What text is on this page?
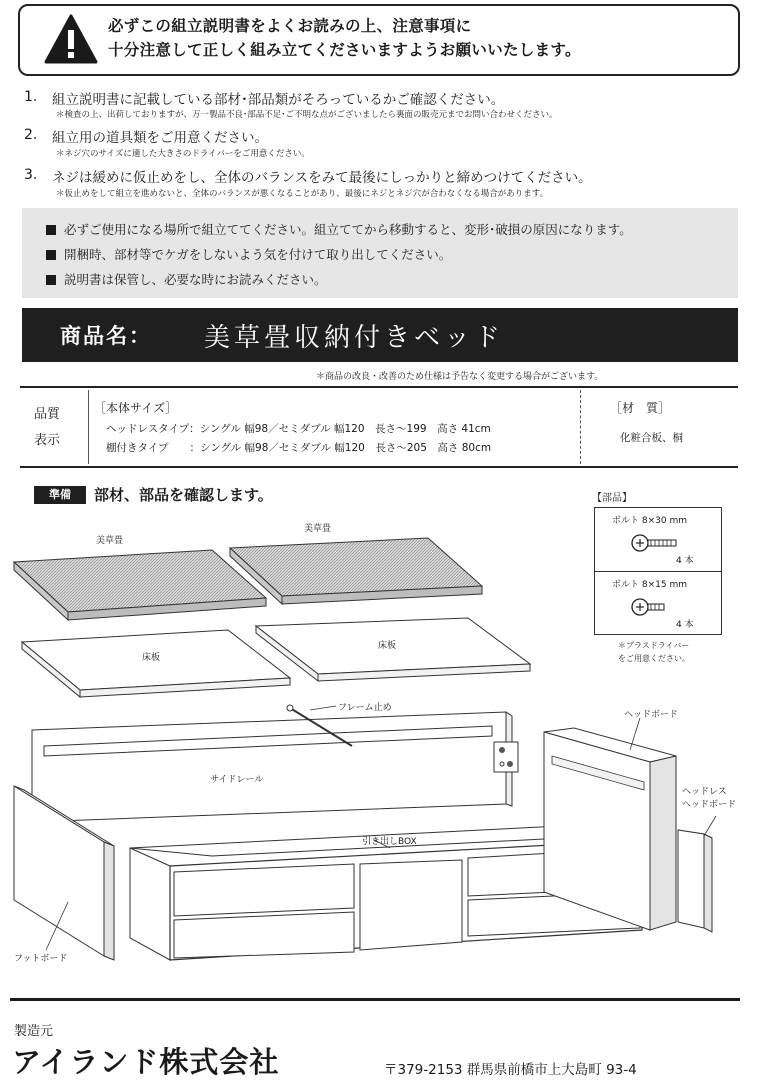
必ずこの組立説明書をよくお読みの上、注意事項に
十分注意して正しく組み立てくださいますようお願いいたします。
1. 組立説明書に記載している部材･部品類がそろっているかご確認ください。
＊検査の上、出荷しておりますが、万一製品不良･部品不足･ご不明な点がございましたら裏面の販売元までお問い合わせください。
2. 組立用の道具類をご用意ください。
＊ネジ穴のサイズに適した大きさのドライバーをご用意ください。
3. ネジは緩めに仮止めをし、全体のバランスをみて最後にしっかりと締めつけてください。
＊仮止めをして組立を進めないと、全体のバランスが悪くなることがあり、最後にネジとネジ穴が合わなくなる場合があります。
必ずご使用になる場所で組立ててください。組立ててから移動すると、変形･破損の原因になります。
開梱時、部材等でケガをしないよう気を付けて取り出してください。
説明書は保管し、必要な時にお読みください。
商品名： 美草畳収納付きベッド
＊商品の改良・改善のため仕様は予告なく変更する場合がございます。
品質
表示
［本体サイズ］
ヘッドレスタイプ：シングル 幅98／セミダブル 幅120　長さ～199　高さ 41cm
棚付きタイプ　　：シングル 幅98／セミダブル 幅120　長さ～205　高さ 80cm
［材　質］
化粧合板、桐
準備	部材、部品を確認します。	【部品】
ボルト 8×30 mm
4 本
ボルト 8×15 mm
4 本
＊プラスドライバー
をご用意ください。
美草畳
美草畳
床板
床板
フレーム止め
サイドレール
ヘッドボード
ヘッドレス
ヘッドボード
引き出しBOX
フットボード
製造元
アイランド株式会社	〒379-2153 群馬県前橋市上大島町 93-4
